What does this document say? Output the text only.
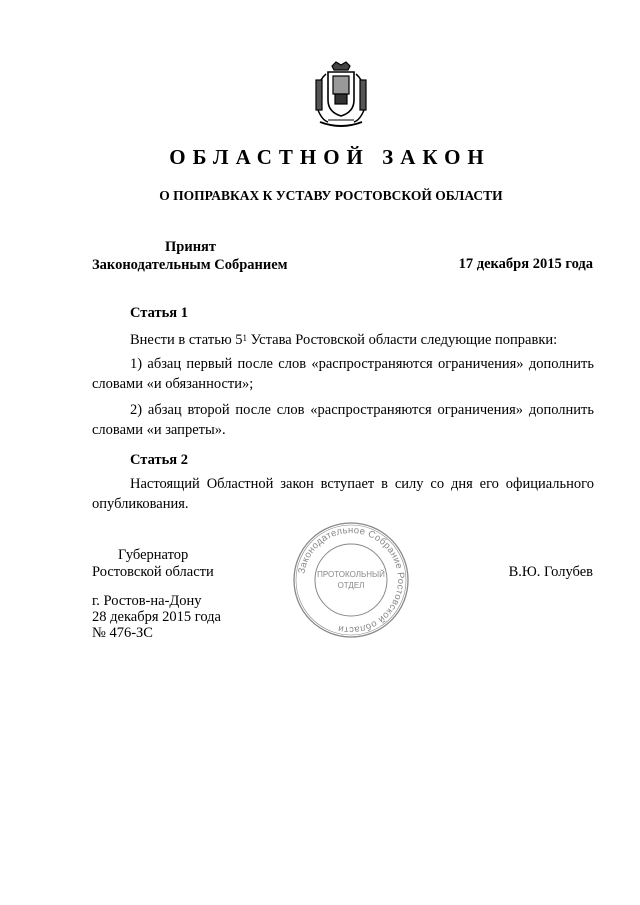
ОБЛАСТНОЙ ЗАКОН
О ПОПРАВКАХ К УСТАВУ РОСТОВСКОЙ ОБЛАСТИ
Принят
Законодательным Собранием	17 декабря 2015 года
Статья 1
Внести в статью $5^1$ Устава Ростовской области следующие поправки:
1) абзац первый после слов «распространяются ограничения» дополнить словами «и обязанности»;
2) абзац второй после слов «распространяются ограничения» дополнить словами «и запреты».
Статья 2
Настоящий Областной закон вступает в силу со дня его официального опубликования.
Губернатор
Ростовской области	В.Ю. Голубев
Законодательное Собрание Ростовской области
ПРОТОКОЛЬНЫЙ
ОТДЕЛ
г. Ростов-на-Дону
28 декабря 2015 года
№ 476-ЗС
